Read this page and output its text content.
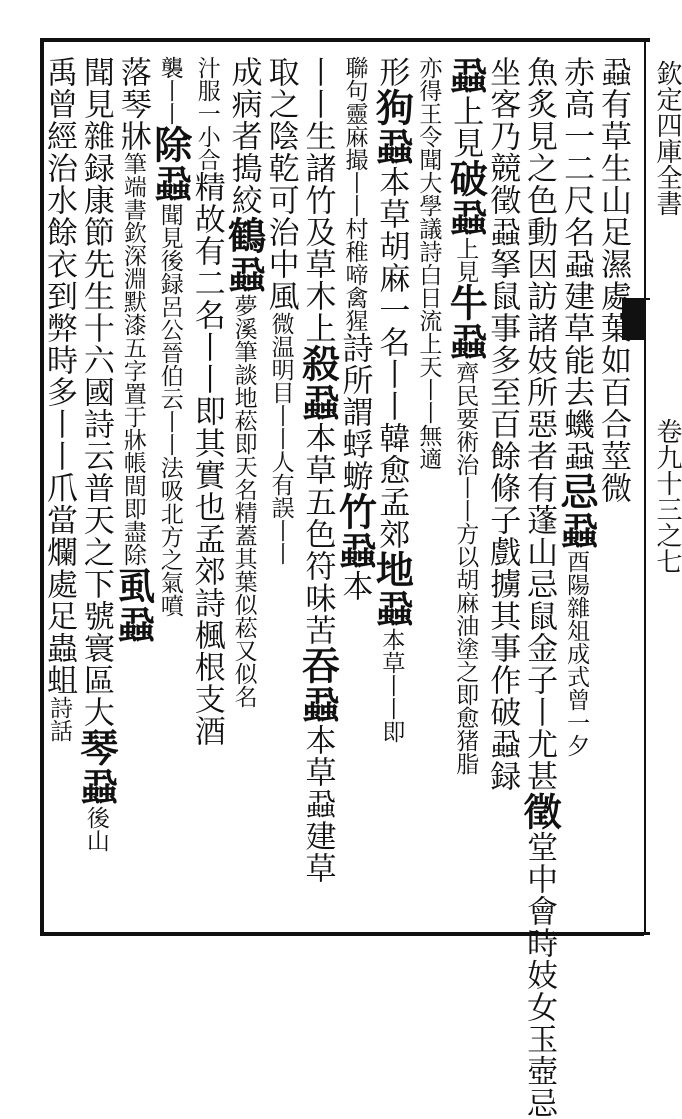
欽定四庫全書
卷九十三之七
蝨有草生山足濕處葉如百合莖微
赤高一二尺名蝨建草能去蟣蝨忌蝨酉陽雜俎成式曾一夕
魚炙見之色動因訪諸妓所惡者有蓬山忌鼠金子丨尤甚徵堂中會時妓女玉壺忌
坐客乃競徵蝨拏鼠事多至百餘條子戲擄其事作破蝨録
蝨上見破蝨上見牛蝨齊民要術治丨丨方以胡麻油塗之即愈猪脂
亦得王令聞大學議詩白日流上天丨丨無適
形狗蝨本草胡麻一名丨丨韓愈孟郊地蝨本草丨丨即
聯句靈麻撮丨丨村稚啼禽猩詩所謂蜉蝣竹蝨本
丨丨生諸竹及草木上殺蝨本草五色符味苦吞蝨本草蝨建草
取之陰乾可治中風微温明目丨丨人有誤丨丨
成病者搗絞鶴蝨夢溪筆談地菘即天名精蓋其葉似菘又似名
汁服一小合精故有二名丨丨即其實也孟郊詩楓根支酒
襲丨丨除蝨聞見後録呂公晉伯云丨丨法吸北方之氣噴
落琴牀筆端書欽深淵默漆五字置于牀帳間即盡除虱蝨
聞見雜録康節先生十六國詩云普天之下號寰區大琴蝨後山
禹曾經治水餘衣到弊時多丨丨爪當爛處足蟲蛆詩話
